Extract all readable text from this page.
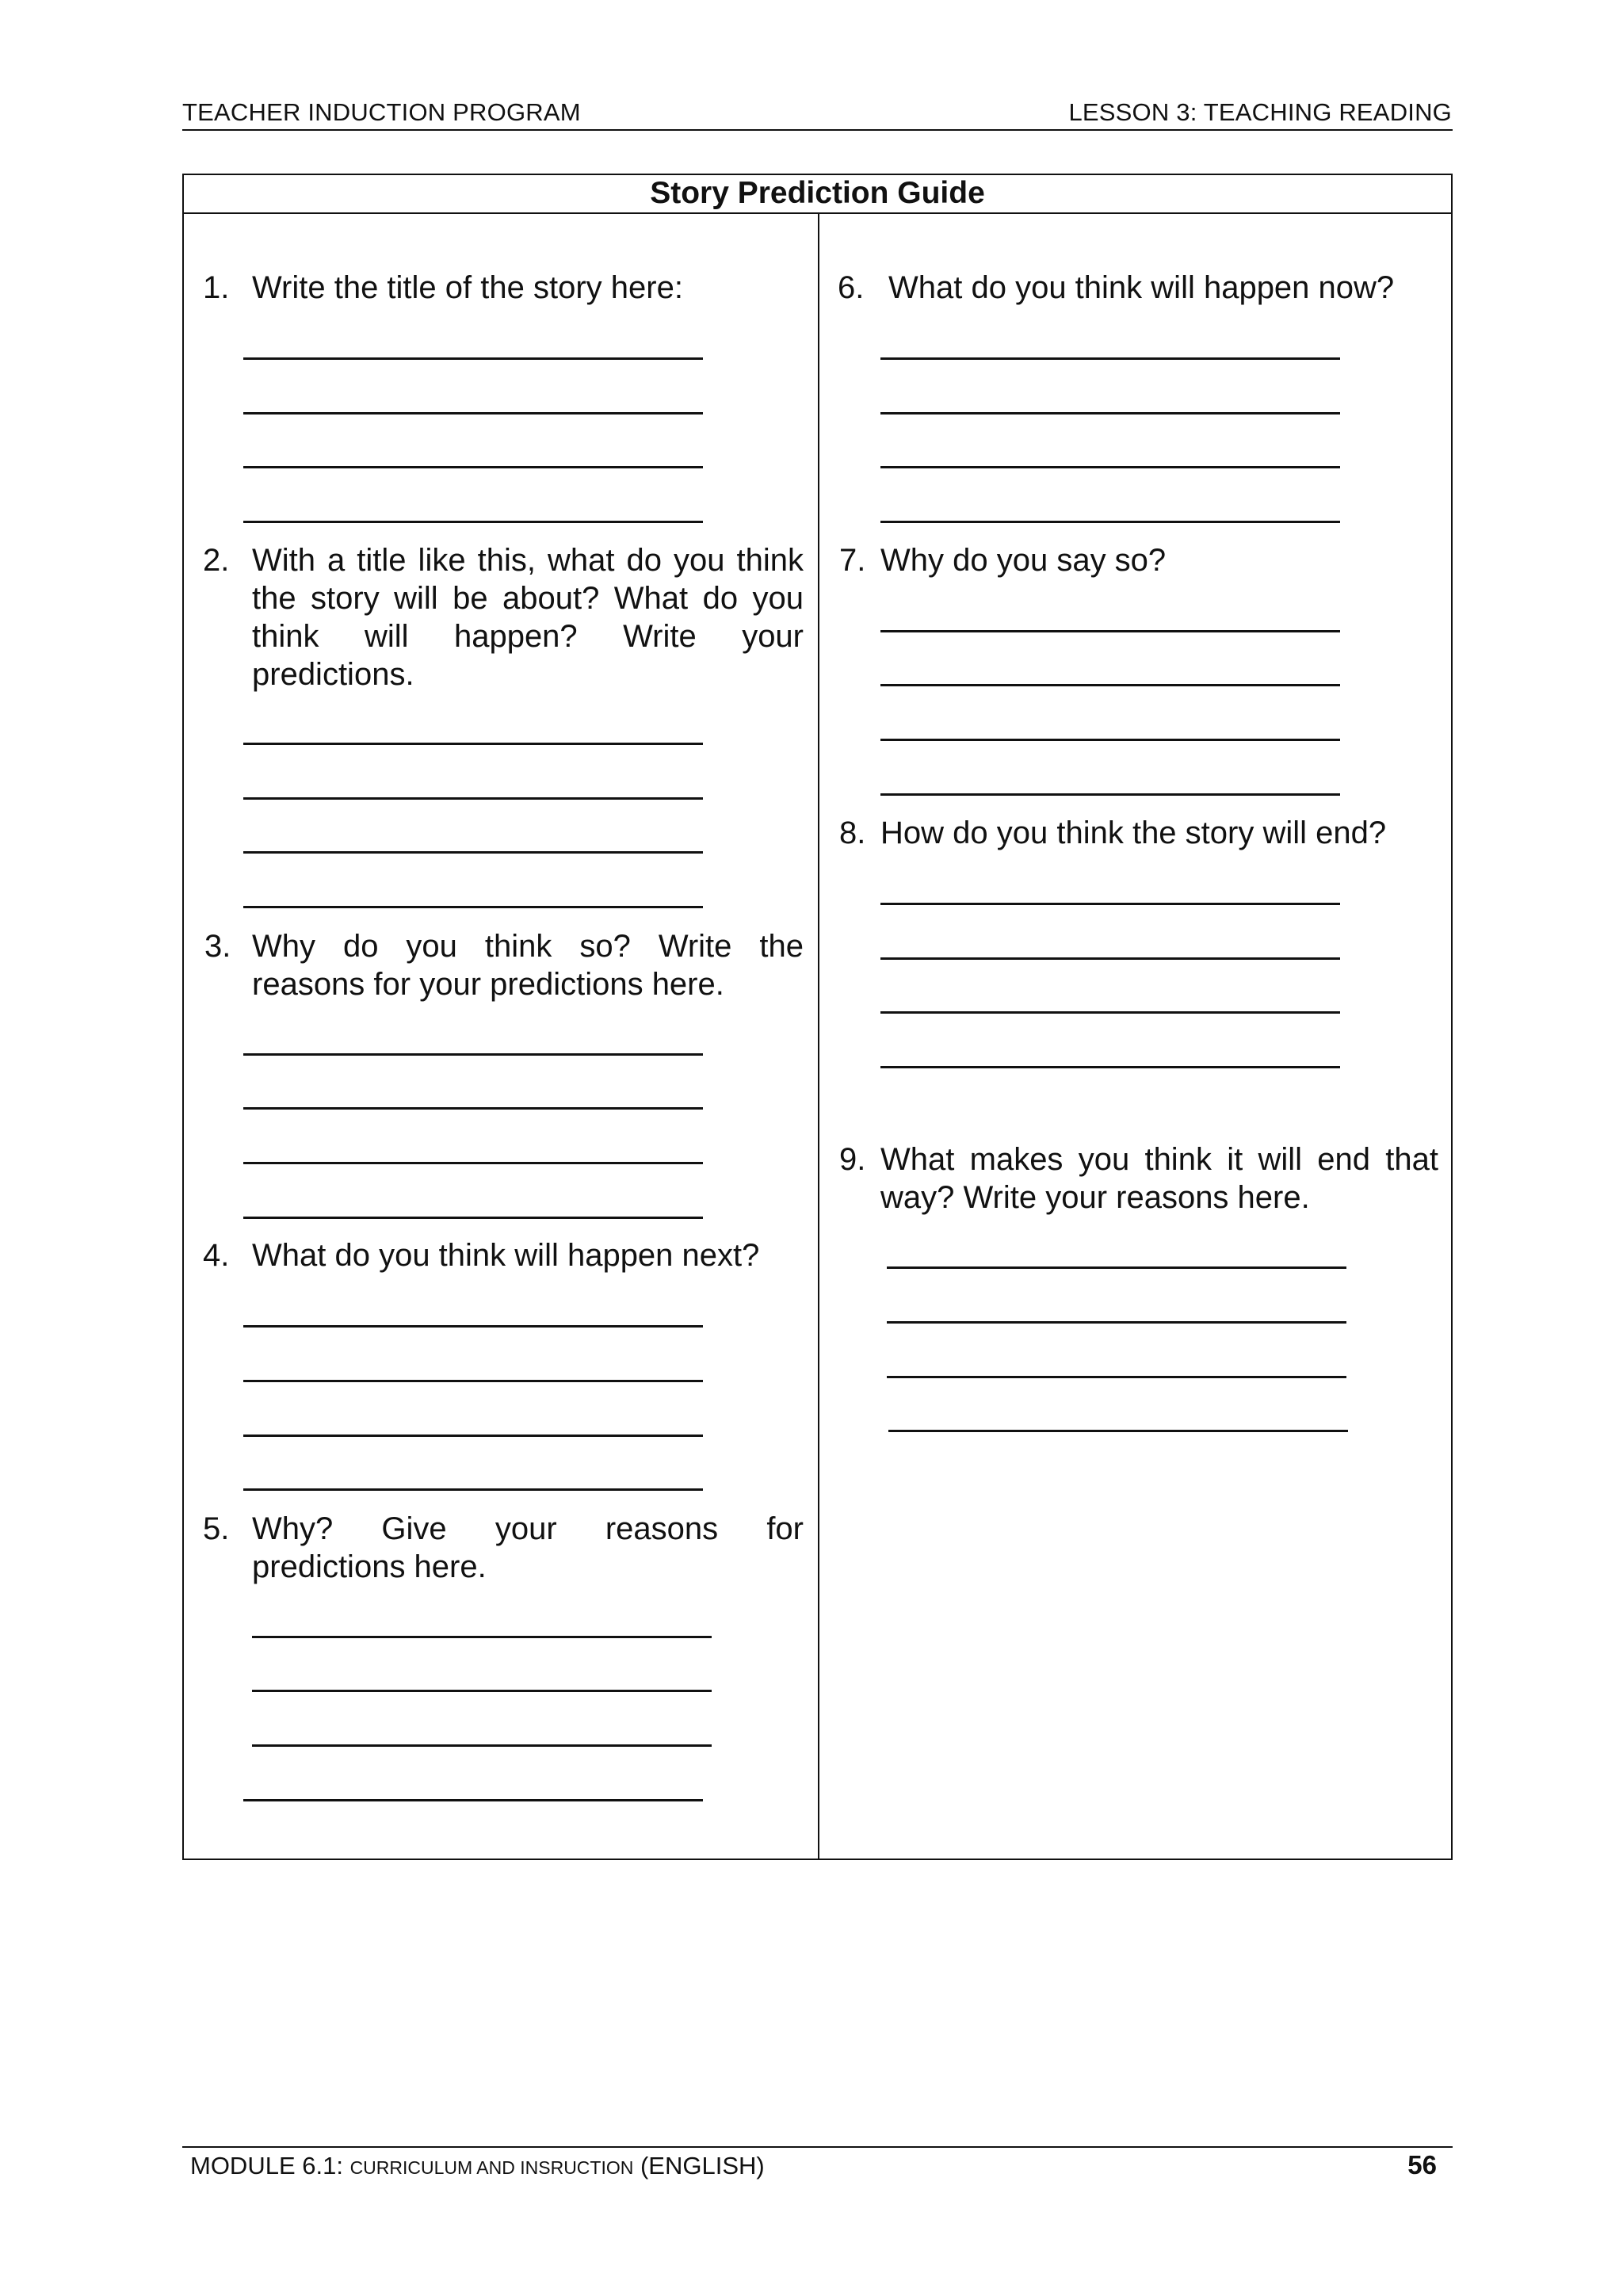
TEACHER INDUCTION PROGRAM	LESSON 3: TEACHING READING
Story Prediction Guide
1. Write the title of the story here:
2. With a title like this, what do you think the story will be about? What do you think will happen? Write your predictions.
3. Why do you think so? Write the reasons for your predictions here.
4. What do you think will happen next?
5. Why? Give your reasons for predictions here.
6. What do you think will happen now?
7. Why do you say so?
8. How do you think the story will end?
9. What makes you think it will end that way? Write your reasons here.
MODULE 6.1: CURRICULUM AND INSRUCTION (ENGLISH)	56
